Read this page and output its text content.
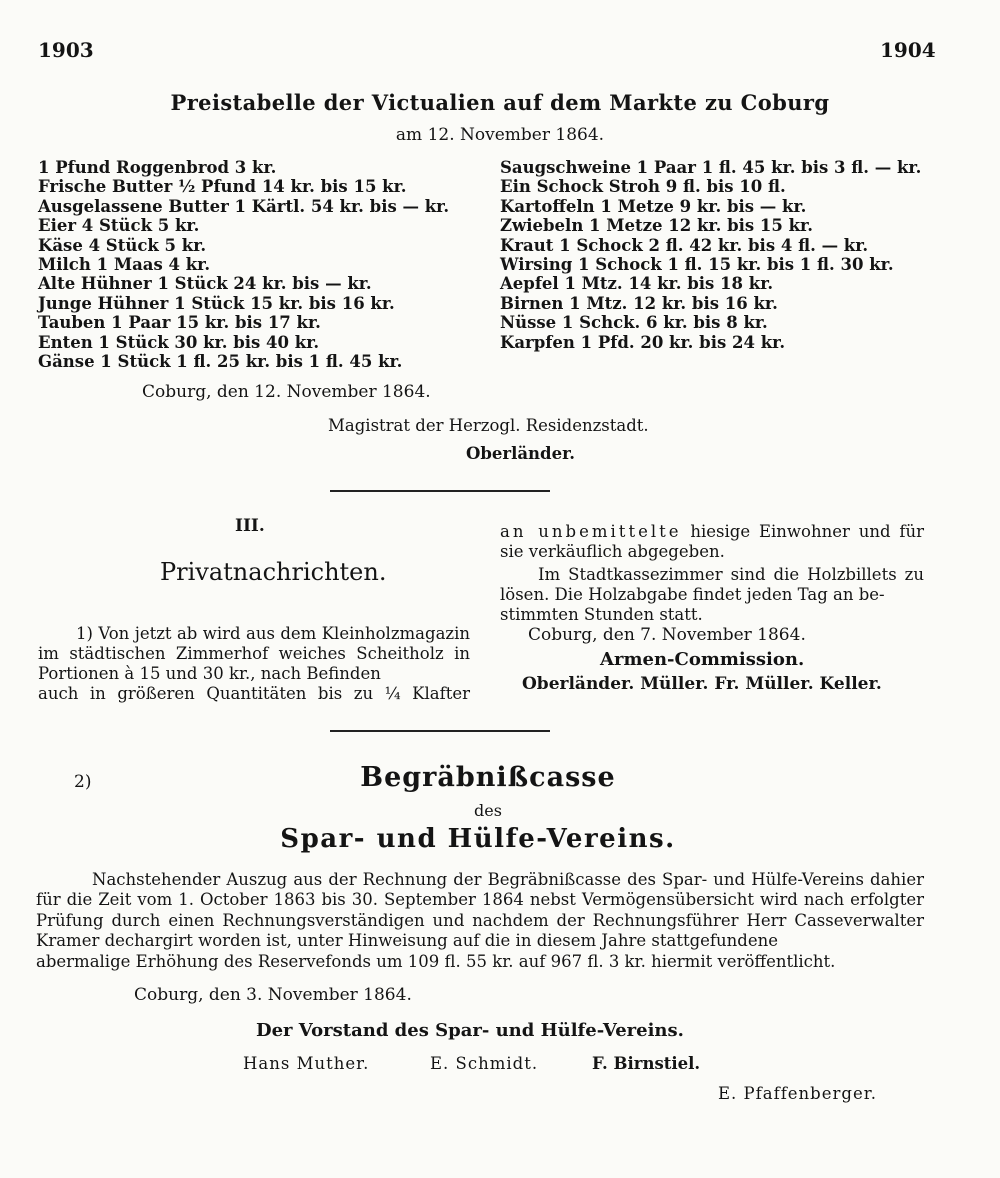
1903	1904
Preistabelle der Victualien auf dem Markte zu Coburg
am 12. November 1864.
1 Pfund Roggenbrod 3 kr.
Frische Butter ½ Pfund 14 kr. bis 15 kr.
Ausgelassene Butter 1 Kärtl. 54 kr. bis — kr.
Eier 4 Stück 5 kr.
Käse 4 Stück 5 kr.
Milch 1 Maas 4 kr.
Alte Hühner 1 Stück 24 kr. bis — kr.
Junge Hühner 1 Stück 15 kr. bis 16 kr.
Tauben 1 Paar 15 kr. bis 17 kr.
Enten 1 Stück 30 kr. bis 40 kr.
Gänse 1 Stück 1 fl. 25 kr. bis 1 fl. 45 kr.
Saugschweine 1 Paar 1 fl. 45 kr. bis 3 fl. — kr.
Ein Schock Stroh 9 fl. bis 10 fl.
Kartoffeln 1 Metze 9 kr. bis — kr.
Zwiebeln 1 Metze 12 kr. bis 15 kr.
Kraut 1 Schock 2 fl. 42 kr. bis 4 fl. — kr.
Wirsing 1 Schock 1 fl. 15 kr. bis 1 fl. 30 kr.
Aepfel 1 Mtz. 14 kr. bis 18 kr.
Birnen 1 Mtz. 12 kr. bis 16 kr.
Nüsse 1 Schck. 6 kr. bis 8 kr.
Karpfen 1 Pfd. 20 kr. bis 24 kr.
Coburg, den 12. November 1864.
Magistrat der Herzogl. Residenzstadt.
Oberländer.
III.
Privatnachrichten.
1) Von jetzt ab wird aus dem Kleinholzmagazin im städtischen Zimmerhof weiches Scheitholz in Portionen à 15 und 30 kr., nach Befinden
auch in größeren Quantitäten bis zu ¼ Klafter
an unbemittelte hiesige Einwohner und für
sie verkäuflich abgegeben.
Im Stadtkassezimmer sind die Holzbillets zu lösen. Die Holzabgabe findet jeden Tag an be-
stimmten Stunden statt.
Coburg, den 7. November 1864.
Armen-Commission.
Oberländer. Müller. Fr. Müller. Keller.
2)	Begräbnißcasse
des
Spar- und Hülfe-Vereins.
Nachstehender Auszug aus der Rechnung der Begräbnißcasse des Spar- und Hülfe-Vereins dahier für die Zeit vom 1. October 1863 bis 30. September 1864 nebst Vermögensübersicht wird nach erfolgter Prüfung durch einen Rechnungsverständigen und nachdem der Rechnungsführer Herr Casseverwalter Kramer dechargirt worden ist, unter Hinweisung auf die in diesem Jahre stattgefundene
abermalige Erhöhung des Reservefonds um 109 fl. 55 kr. auf 967 fl. 3 kr. hiermit veröffentlicht.
Coburg, den 3. November 1864.
Der Vorstand des Spar- und Hülfe-Vereins.
Hans Muther.	E. Schmidt.	F. Birnstiel.
E. Pfaffenberger.
